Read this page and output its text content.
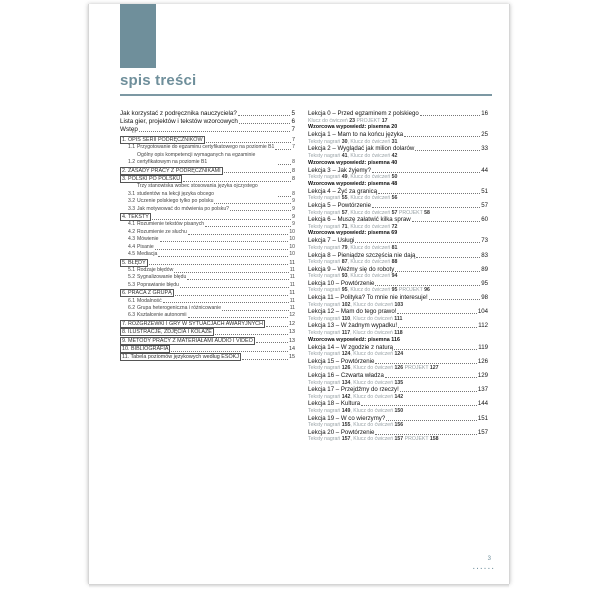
spis treści
Jak korzystać z podręcznika nauczyciela?	5
Lista gier, projektów i tekstów wzorcowych	6
Wstęp	7
1. OPIS SERII PODRĘCZNIKÓW	7
1.1 Przygotowanie do egzaminu certyfikatowego na poziomie B1	7
1.2
Ogólny opis kompetencji wymaganych na egzaminie certyfikatowym na poziomie B1	8
2. ZASADY PRACY Z PODRĘCZNIKAMI	8
3. POLSKI PO POLSKU	8
3.1
Trzy stanowiska wobec stosowania języka ojczystego studentów na lekcji języka obcego	8
3.2 Uczenie polskiego tylko po polsku	9
3.3 Jak motywować do mówienia po polsku?	9
4. TEKSTY	9
4.1 Rozumienie tekstów pisanych	9
4.2 Rozumienie ze słuchu	10
4.3 Mówienie	10
4.4 Pisanie	10
4.5 Mediacja	10
5. BŁĘDY	11
5.1 Rodzaje błędów	11
5.2 Sygnalizowanie błędu	11
5.3 Poprawianie błędu	11
6. PRACA Z GRUPĄ	11
6.1 Modalność	11
6.2 Grupa heterogeniczna i różnicowanie	11
6.3 Kształcenie autonomii	12
7. ROZGRZEWKI I GRY W SYTUACJACH AWARYJNYCH	12
8. ILUSTRACJE, ZDJĘCIA I KOLAŻE	13
9. METODY PRACY Z MATERIAŁAMI AUDIO I VIDEO	13
10. BIBLIOGRAFIA	14
11. Tabela poziomów językowych według ESOKJ	15
Lekcja 0 – Przed egzaminem z polskiego	16
Klucz do ćwiczeń 23 PROJEKT 17
Wzorcowa wypowiedź: pisemna 20
Lekcja 1 – Mam to na końcu języka	25
Teksty nagrań 30, Klucz do ćwiczeń 31
Lekcja 2 – Wyglądać jak milion dolarów	33
Teksty nagrań 41, Klucz do ćwiczeń 42
Wzorcowa wypowiedź: pisemna 40
Lekcja 3 – Jak żyjemy?	44
Teksty nagrań 49, Klucz do ćwiczeń 50
Wzorcowa wypowiedź: pisemna 48
Lekcja 4 – Żyć za granicą	51
Teksty nagrań 55, Klucz do ćwiczeń 56
Lekcja 5 – Powtórzenie	57
Teksty nagrań 57, Klucz do ćwiczeń 57 PROJEKT 58
Lekcja 6 – Muszę załatwić kilka spraw	60
Teksty nagrań 71, Klucz do ćwiczeń 72
Wzorcowa wypowiedź: pisemna 69
Lekcja 7 – Usługi	73
Teksty nagrań 79, Klucz do ćwiczeń 81
Lekcja 8 – Pieniądze szczęścia nie dają	83
Teksty nagrań 87, Klucz do ćwiczeń 88
Lekcja 9 – Weźmy się do roboty	89
Teksty nagrań 93, Klucz do ćwiczeń 94
Lekcja 10 – Powtórzenie	95
Teksty nagrań 95, Klucz do ćwiczeń 95 PROJEKT 96
Lekcja 11 – Polityka? To mnie nie interesuje!	98
Teksty nagrań 102, Klucz do ćwiczeń 103
Lekcja 12 – Mam do tego prawo!	104
Teksty nagrań 110, Klucz do ćwiczeń 111
Lekcja 13 – W żadnym wypadku!	112
Teksty nagrań 117, Klucz do ćwiczeń 118
Wzorcowa wypowiedź: pisemna 116
Lekcja 14 – W zgodzie z naturą	119
Teksty nagrań 124, Klucz do ćwiczeń 124
Lekcja 15 – Powtórzenie	126
Teksty nagrań 126, Klucz do ćwiczeń 126 PROJEKT 127
Lekcja 16 – Czwarta władza	129
Teksty nagrań 134, Klucz do ćwiczeń 135
Lekcja 17 – Przejdźmy do rzeczy!	137
Teksty nagrań 142, Klucz do ćwiczeń 142
Lekcja 18 – Kultura	144
Teksty nagrań 149, Klucz do ćwiczeń 150
Lekcja 19 – W co wierzymy?	151
Teksty nagrań 155, Klucz do ćwiczeń 156
Lekcja 20 – Powtórzenie	157
Teksty nagrań 157, Klucz do ćwiczeń 157 PROJEKT 158
3
......
